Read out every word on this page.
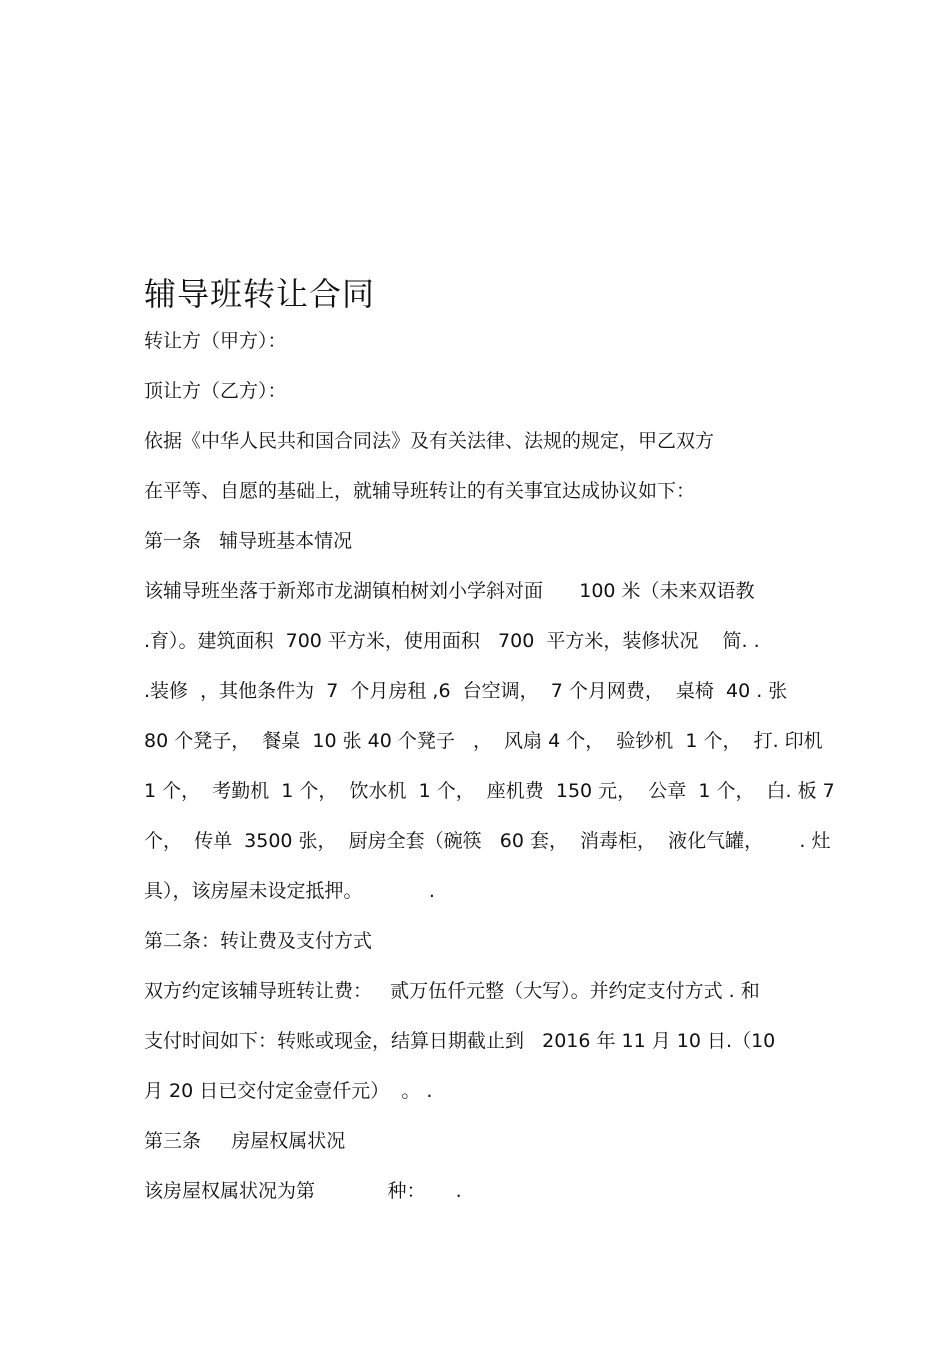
辅导班转让合同
转让方（甲方）：
顶让方（乙方）：
依据《中华人民共和国合同法》及有关法律、法规的规定，甲乙双方
在平等、自愿的基础上，就辅导班转让的有关事宜达成协议如下：
第一条   辅导班基本情况
该辅导班坐落于新郑市龙湖镇柏树刘小学斜对面      100 米（未来双语教
.育）。建筑面积  700 平方米，使用面积   700  平方米，装修状况    简. .
.装修  ，其他条件为  7  个月房租 ,6  台空调，  7 个月网费，  桌椅  40 . 张
80 个凳子，  餐桌  10 张 40 个凳子   ，  风扇 4 个，  验钞机  1 个，  打. 印机
1 个，  考勤机  1 个，  饮水机  1 个，  座机费  150 元，  公章  1 个，  白. 板 7
个，  传单  3500 张，  厨房全套（碗筷   60 套，  消毒柜，  液化气罐，      . 灶
具），该房屋未设定抵押。           .
第二条：转让费及支付方式
双方约定该辅导班转让费：   贰万伍仟元整（大写）。并约定支付方式 . 和
支付时间如下：转账或现金，结算日期截止到   2016 年 11 月 10 日.（10
月 20 日已交付定金壹仟元）  。 .
第三条     房屋权属状况
该房屋权属状况为第            种：     .
